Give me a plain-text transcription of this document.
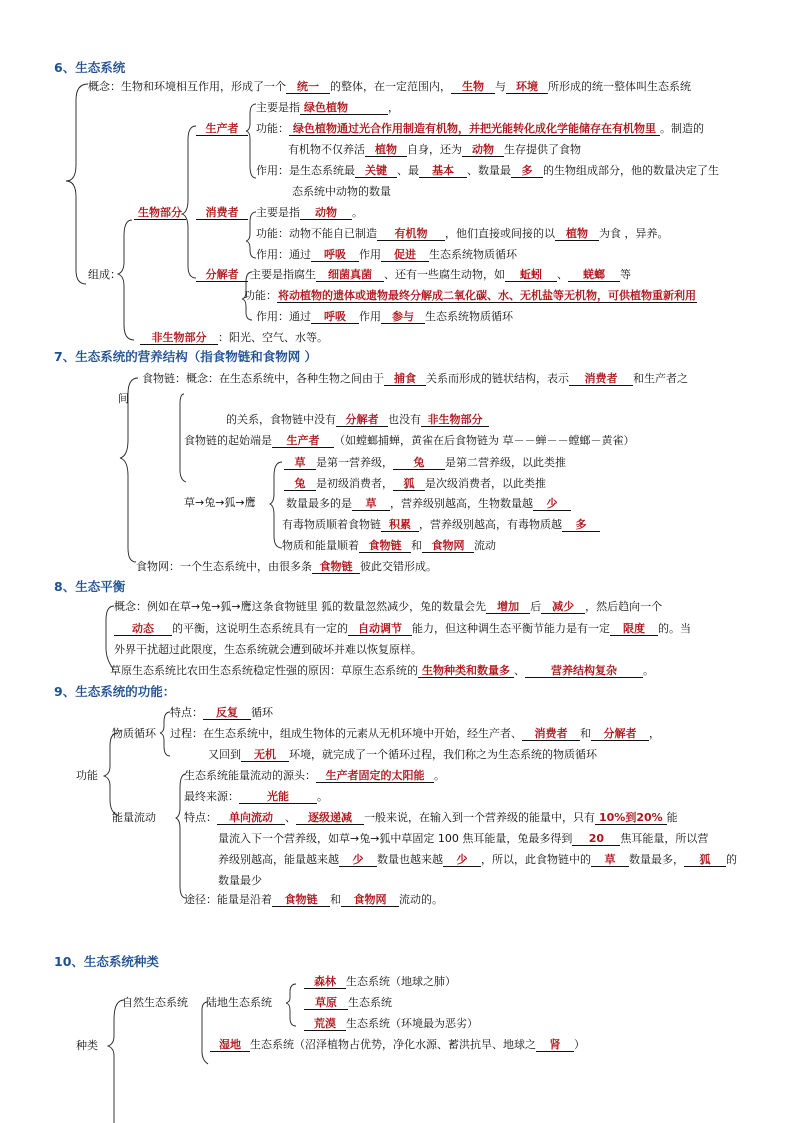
6、生态系统
概念：生物和环境相互作用，形成了一个 统一 的整体，在一定范围内， 生物 与 环境 所形成的统一整体叫生态系统
组成：
生物部分
生产者
消费者
分解者
主要是指 绿色植物	，
功能： 绿色植物通过光合作用制造有机物，并把光能转化成化学能储存在有机物里 。制造的
有机物不仅养活 植物 自身，还为 动物 生存提供了食物
作用：是生态系统最 关键 、最 基本 、数量最 多 的生物组成部分，他的数量决定了生
态系统中动物的数量
主要是指 动物 。
功能：动物不能自已制造 有机物 ，他们直接或间接的以 植物 为食 ，异养。
作用：通过 呼吸 作用 促进 生态系统物质循环
主要是指腐生 细菌真菌 、还有一些腐生动物，如 蚯蚓 、 蜣螂 等
功能：将动植物的遗体或遗物最终分解成二氧化碳、水、无机盐等无机物，可供植物重新利用
作用：通过 呼吸 作用 参与 生态系统物质循环
非生物部分 ：阳光、空气、水等。
7、生态系统的营养结构（指食物链和食物网 ）
食物链：概念：在生态系统中，各种生物之间由于 捕食 关系而形成的链状结构，表示 消费者 和生产者之
间
的关系，食物链中没有 分解者 也没有 非生物部分
食物链的起始端是 生产者 （如螳螂捕蝉，黄雀在后食物链为 草－－蝉－－螳螂－黄雀）
草→兔→狐→鹰
草 是第一营养级， 兔 是第二营养级，以此类推
兔 是初级消费者， 狐 是次级消费者，以此类推
数量最多的是 草 ，营养级别越高，生物数量越 少
有毒物质顺着食物链 积累 ，营养级别越高，有毒物质越 多
物质和能量顺着 食物链 和 食物网 流动
食物网：一个生态系统中，由很多条 食物链 彼此交错形成。
8、生态平衡
概念：例如在草→兔→狐→鹰这条食物链里 狐的数量忽然减少，兔的数量会先 增加 后 减少 ，然后趋向一个
动态 的平衡，这说明生态系统具有一定的 自动调节 能力，但这种调生态平衡节能力是有一定 限度 的。当
外界干扰超过此限度，生态系统就会遭到破坏并难以恢复原样。
草原生态系统比农田生态系统稳定性强的原因：草原生态系统的 生物种类和数量多 、 营养结构复杂 。
9、生态系统的功能：
功能
物质循环
特点： 反复 循环
过程：在生态系统中，组成生物体的元素从无机环境中开始，经生产者、 消费者 和 分解者 ，
又回到 无机 环境，就完成了一个循环过程，我们称之为生态系统的物质循环
能量流动
生态系统能量流动的源头： 生产者固定的太阳能 。
最终来源：	光能	。
特点： 单向流动 、 逐级递减 一般来说，在输入到一个营养级的能量中，只有 10%到20% 能
量流入下一个营养级，如草→兔→狐中草固定 100 焦耳能量，兔最多得到 20 焦耳能量，所以营
养级别越高，能量越来越 少 数量也越来越 少 ，所以，此食物链中的 草 数量最多， 狐 的
数量最少
途径：能量是沿着 食物链 和 食物网 流动的。
10、生态系统种类
种类
自然生态系统 陆地生态系统
森林 生态系统（地球之肺）
草原 生态系统
荒漠 生态系统（环境最为恶劣）
湿地 生态系统（沼泽植物占优势，净化水源、蓄洪抗旱、地球之 肾 ）
